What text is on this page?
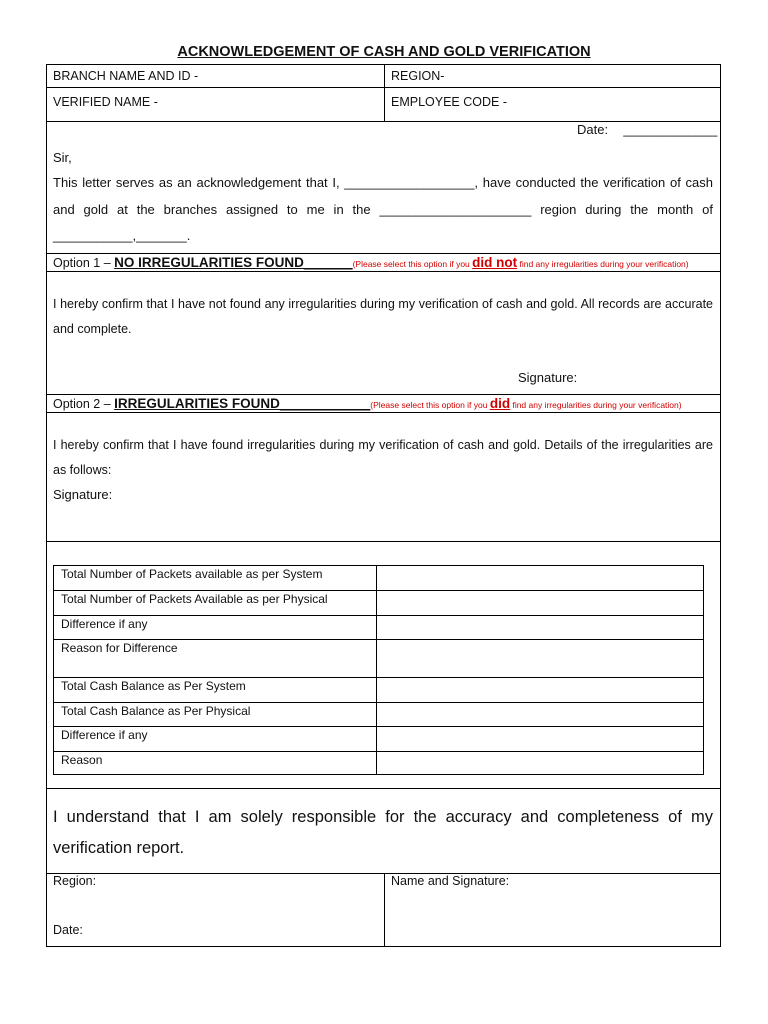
ACKNOWLEDGEMENT OF CASH AND GOLD VERIFICATION
BRANCH NAME AND ID -	REGION-
VERIFIED NAME -	EMPLOYEE CODE -
Date: _____________
Sir,
This letter serves as an acknowledgement that I, __________________, have conducted the verification of cash and gold at the branches assigned to me in the _____________________ region during the month of ___________,_______.
Option 1 – NO IRREGULARITIES FOUND_______(Please select this option if you did not find any irregularities during your verification)
I hereby confirm that I have not found any irregularities during my verification of cash and gold. All records are accurate and complete.
Signature:
Option 2 – IRREGULARITIES FOUND_____________(Please select this option if you did find any irregularities during your verification)
I hereby confirm that I have found irregularities during my verification of cash and gold. Details of the irregularities are as follows:
Signature:
Total Number of Packets available as per System
Total Number of Packets Available as per Physical
Difference if any
Reason for Difference
Total Cash Balance as Per System
Total Cash Balance as Per Physical
Difference if any
Reason
I understand that I am solely responsible for the accuracy and completeness of my verification report.
Region:
Date:
Name and Signature:
